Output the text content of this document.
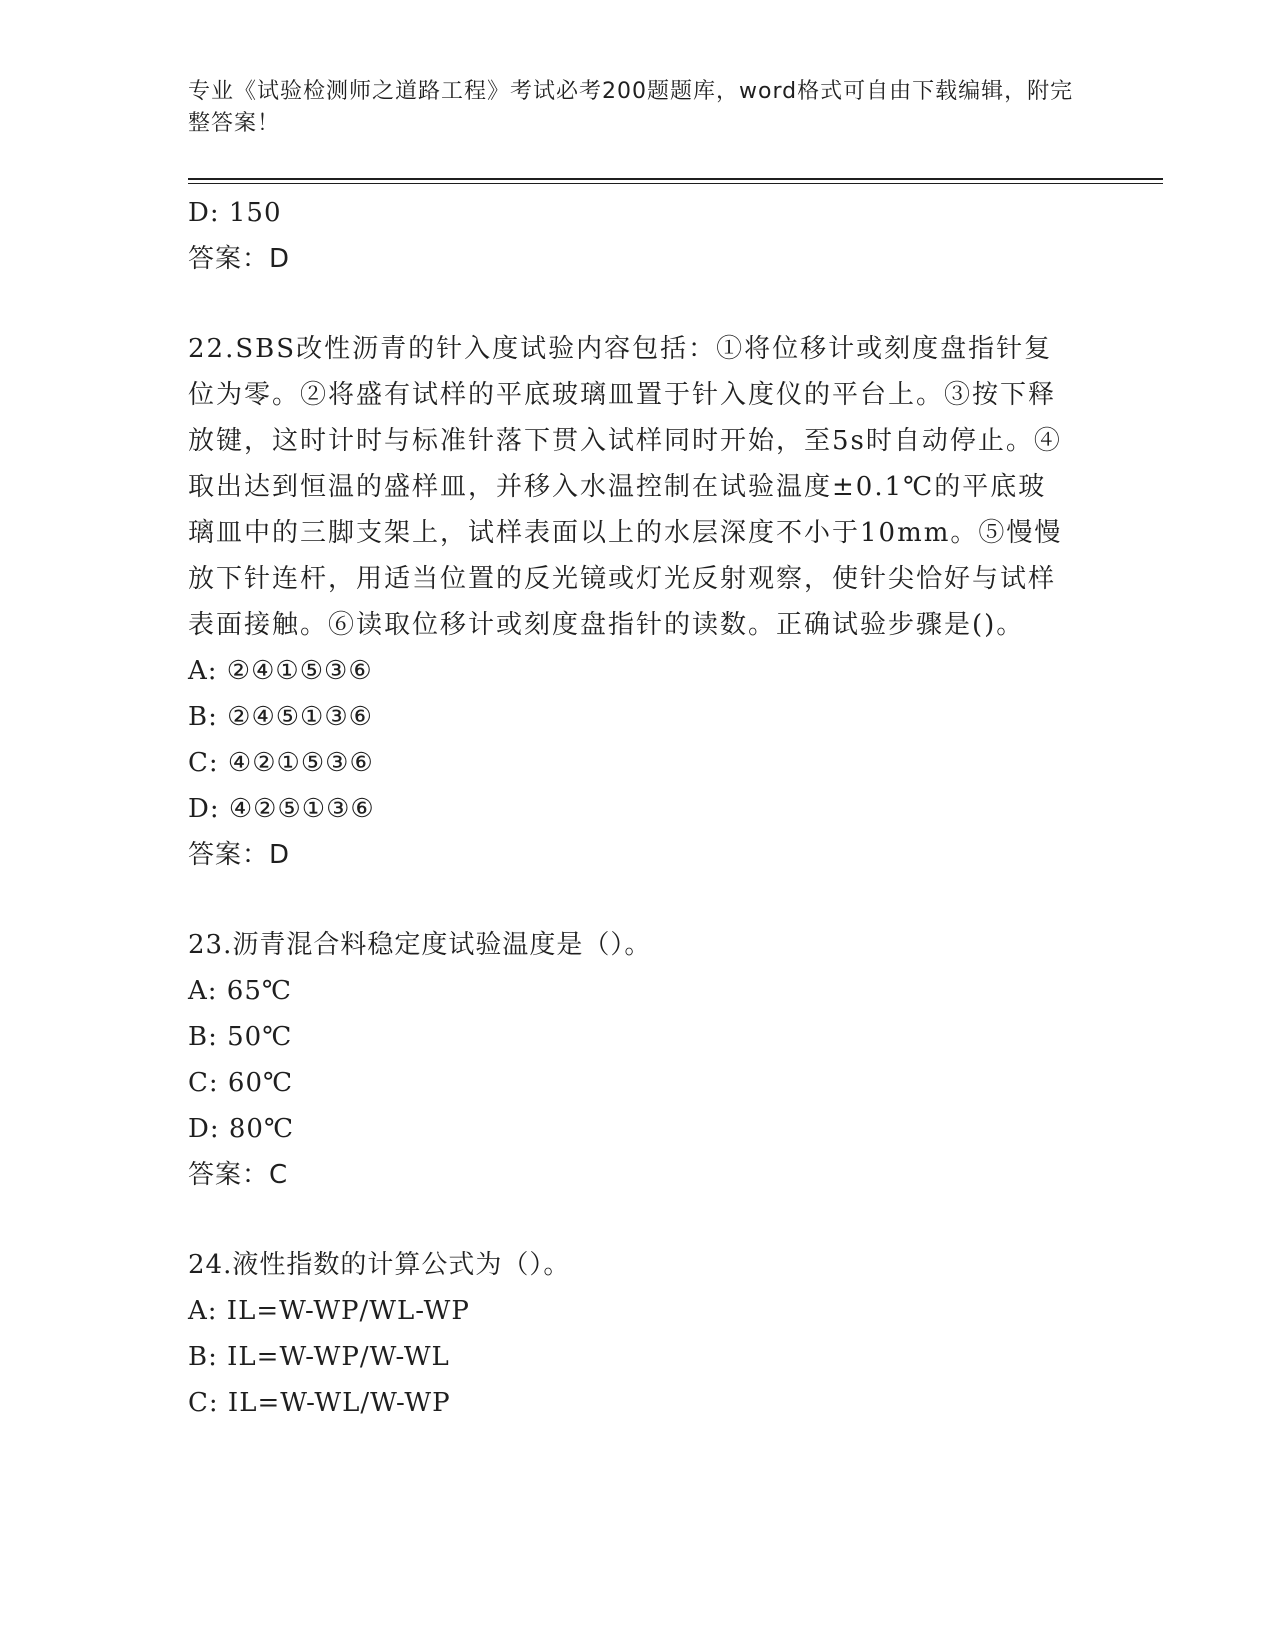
专业《试验检测师之道路工程》考试必考200题题库，word格式可自由下载编辑，附完整答案！
D: 150
答案：D
22.SBS改性沥青的针入度试验内容包括：①将位移计或刻度盘指针复位为零。②将盛有试样的平底玻璃皿置于针入度仪的平台上。③按下释放键，这时计时与标准针落下贯入试样同时开始，至5s时自动停止。④取出达到恒温的盛样皿，并移入水温控制在试验温度±0.1℃的平底玻璃皿中的三脚支架上，试样表面以上的水层深度不小于10mm。⑤慢慢放下针连杆，用适当位置的反光镜或灯光反射观察，使针尖恰好与试样表面接触。⑥读取位移计或刻度盘指针的读数。正确试验步骤是()。
A: ②④①⑤③⑥
B: ②④⑤①③⑥
C: ④②①⑤③⑥
D: ④②⑤①③⑥
答案：D
23.沥青混合料稳定度试验温度是（）。
A: 65℃
B: 50℃
C: 60℃
D: 80℃
答案：C
24.液性指数的计算公式为（）。
A: IL=W-WP/WL-WP
B: IL=W-WP/W-WL
C: IL=W-WL/W-WP
